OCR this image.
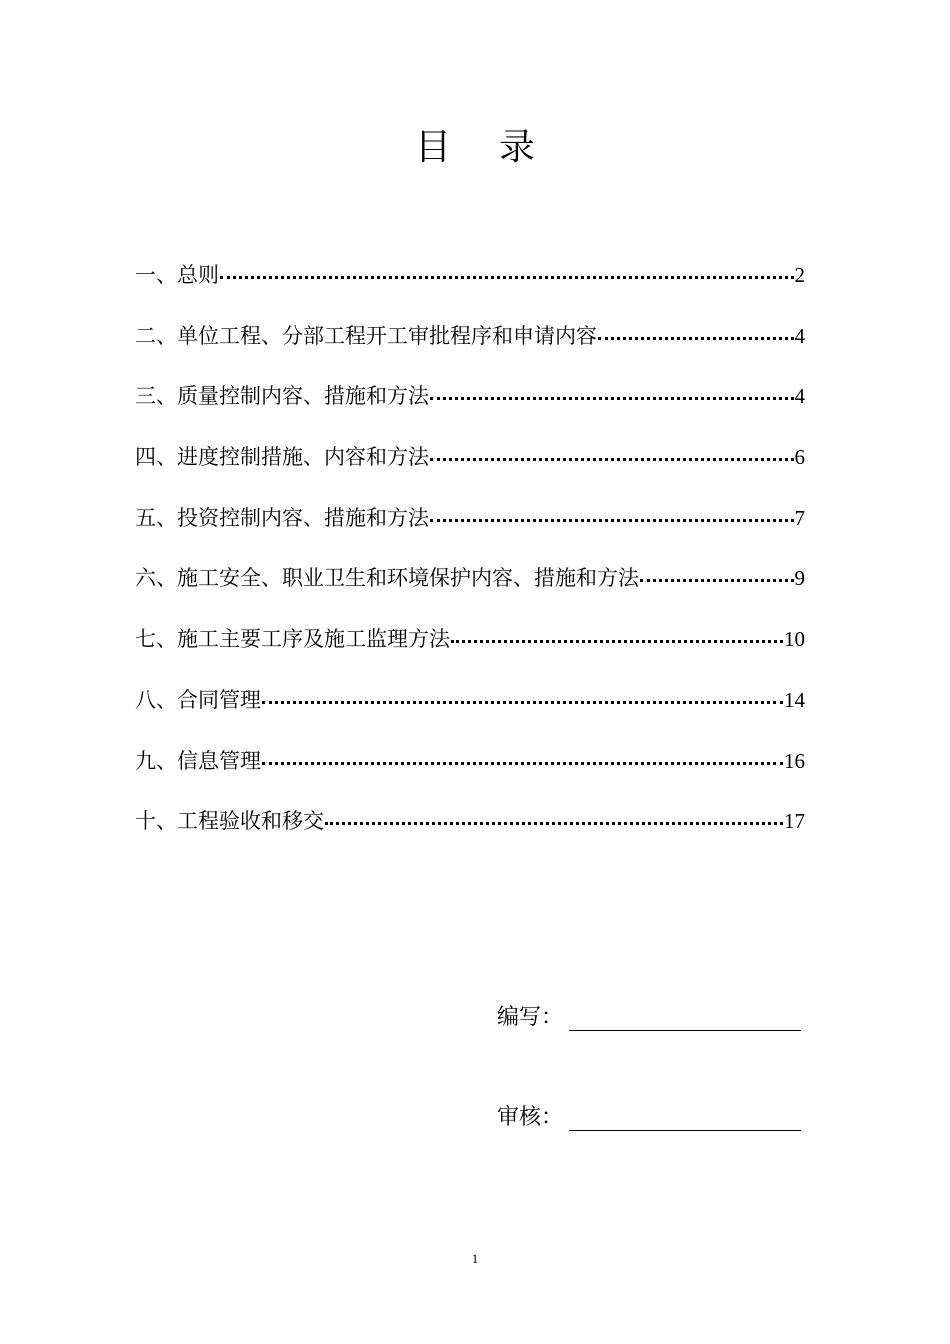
目录
一、总则	2
二、单位工程、分部工程开工审批程序和申请内容	4
三、质量控制内容、措施和方法	4
四、进度控制措施、内容和方法	6
五、投资控制内容、措施和方法	7
六、施工安全、职业卫生和环境保护内容、措施和方法	9
七、施工主要工序及施工监理方法	10
八、合同管理	14
九、信息管理	16
十、工程验收和移交	17
编写：
审核：
1
